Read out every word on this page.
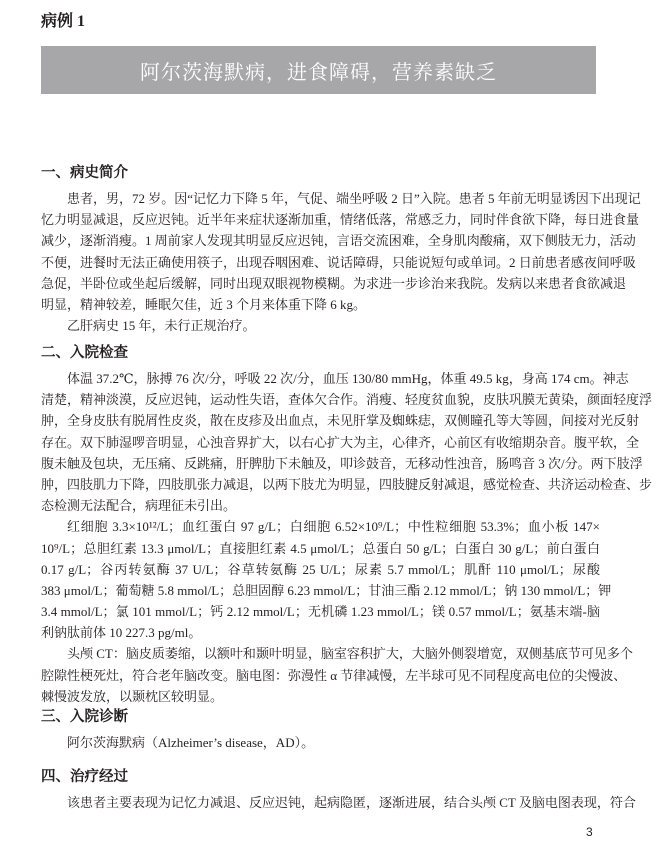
病例 1
阿尔茨海默病，进食障碍，营养素缺乏
一、病史简介
患者，男，72 岁。因“记忆力下降 5 年，气促、端坐呼吸 2 日”入院。患者 5 年前无明显诱因下出现记
忆力明显减退，反应迟钝。近半年来症状逐渐加重，情绪低落，常感乏力，同时伴食欲下降，每日进食量
减少，逐渐消瘦。1 周前家人发现其明显反应迟钝，言语交流困难，全身肌肉酸痛，双下侧肢无力，活动
不便，进餐时无法正确使用筷子，出现吞咽困难、说话障碍，只能说短句或单词。2 日前患者感夜间呼吸
急促，半卧位或坐起后缓解，同时出现双眼视物模糊。为求进一步诊治来我院。发病以来患者食欲减退
明显，精神较差，睡眠欠佳，近 3 个月来体重下降 6 kg。
乙肝病史 15 年，未行正规治疗。
二、入院检查
体温 37.2℃，脉搏 76 次/分，呼吸 22 次/分，血压 130/80 mmHg，体重 49.5 kg，身高 174 cm。神志
清楚，精神淡漠，反应迟钝，运动性失语，查体欠合作。消瘦、轻度贫血貌，皮肤巩膜无黄染，颜面轻度浮
肿，全身皮肤有脱屑性皮炎，散在皮疹及出血点，未见肝掌及蜘蛛痣，双侧瞳孔等大等圆，间接对光反射
存在。双下肺湿啰音明显，心浊音界扩大，以右心扩大为主，心律齐，心前区有收缩期杂音。腹平软，全
腹未触及包块，无压痛、反跳痛，肝脾肋下未触及，叩诊鼓音，无移动性浊音，肠鸣音 3 次/分。两下肢浮
肿，四肢肌力下降，四肢肌张力减退，以两下肢尤为明显，四肢腱反射减退，感觉检查、共济运动检查、步
态检测无法配合，病理征未引出。
红细胞 3.3×10¹²/L；血红蛋白 97 g/L；白细胞 6.52×10⁹/L；中性粒细胞 53.3%；血小板 147×
10⁹/L；总胆红素 13.3 μmol/L；直接胆红素 4.5 μmol/L；总蛋白 50 g/L；白蛋白 30 g/L；前白蛋白
0.17 g/L；谷丙转氨酶 37 U/L；谷草转氨酶 25 U/L；尿素 5.7 mmol/L；肌酐 110 μmol/L；尿酸
383 μmol/L；葡萄糖 5.8 mmol/L；总胆固醇 6.23 mmol/L；甘油三酯 2.12 mmol/L；钠 130 mmol/L；钾
3.4 mmol/L；氯 101 mmol/L；钙 2.12 mmol/L；无机磷 1.23 mmol/L；镁 0.57 mmol/L；氨基末端-脑
利钠肽前体 10 227.3 pg/ml。
头颅 CT：脑皮质萎缩，以额叶和颞叶明显，脑室容积扩大，大脑外侧裂增宽，双侧基底节可见多个
腔隙性梗死灶，符合老年脑改变。脑电图：弥漫性 α 节律减慢，左半球可见不同程度高电位的尖慢波、
棘慢波发放，以颞枕区较明显。
三、入院诊断
阿尔茨海默病（Alzheimer’s disease，AD）。
四、治疗经过
该患者主要表现为记忆力减退、反应迟钝，起病隐匿，逐渐进展，结合头颅 CT 及脑电图表现，符合
3
